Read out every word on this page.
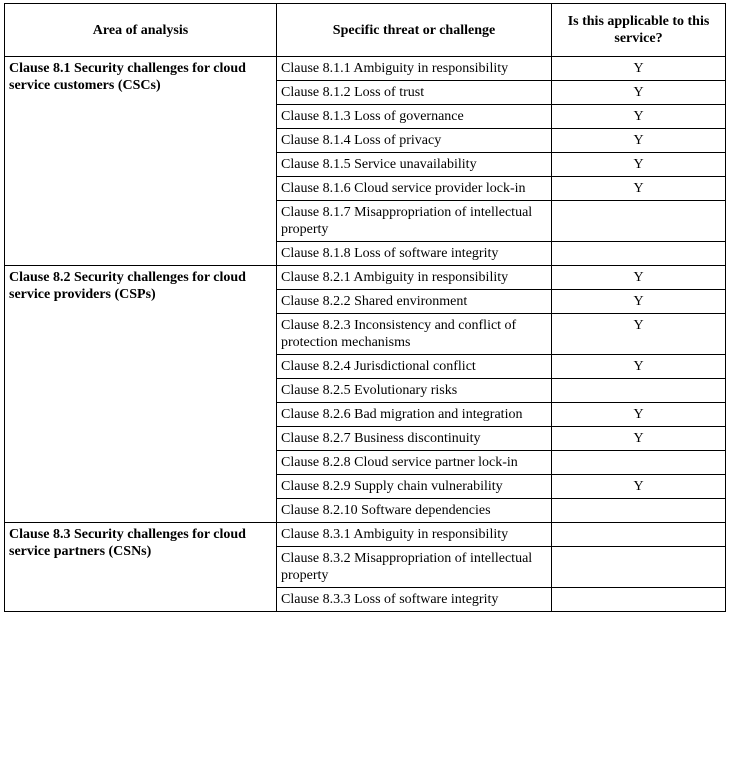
Area of analysis	Specific threat or challenge	Is this applicable to this service?
Clause 8.1 Security challenges for cloud service customers (CSCs)	Clause 8.1.1 Ambiguity in responsibility	Y
	Clause 8.1.2 Loss of trust	Y
	Clause 8.1.3 Loss of governance	Y
	Clause 8.1.4 Loss of privacy	Y
	Clause 8.1.5 Service unavailability	Y
	Clause 8.1.6 Cloud service provider lock-in	Y
	Clause 8.1.7 Misappropriation of intellectual property	
	Clause 8.1.8 Loss of software integrity	
Clause 8.2 Security challenges for cloud service providers (CSPs)	Clause 8.2.1 Ambiguity in responsibility	Y
	Clause 8.2.2 Shared environment	Y
	Clause 8.2.3 Inconsistency and conflict of protection mechanisms	Y
	Clause 8.2.4 Jurisdictional conflict	Y
	Clause 8.2.5 Evolutionary risks	
	Clause 8.2.6 Bad migration and integration	Y
	Clause 8.2.7 Business discontinuity	Y
	Clause 8.2.8 Cloud service partner lock-in	
	Clause 8.2.9 Supply chain vulnerability	Y
	Clause 8.2.10 Software dependencies	
Clause 8.3 Security challenges for cloud service partners (CSNs)	Clause 8.3.1 Ambiguity in responsibility	
	Clause 8.3.2 Misappropriation of intellectual property	
	Clause 8.3.3 Loss of software integrity	
